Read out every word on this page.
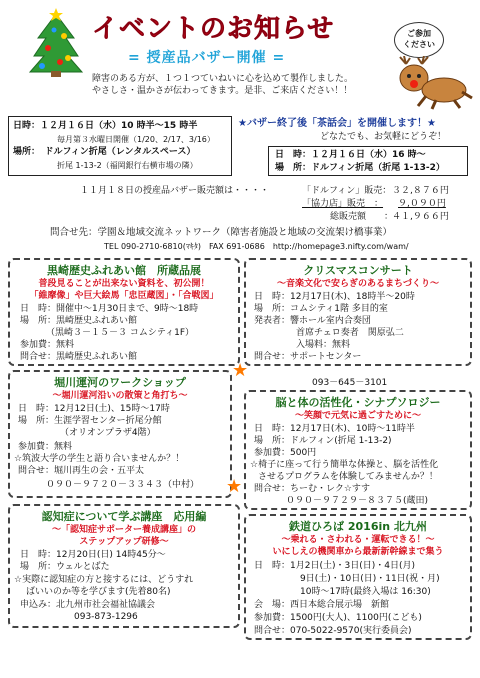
イベントのお知らせ
= 授産品バザー開催 =
ご参加
ください
障害のある方が、１つ１つていねいに心を込めて製作しました。
やさしさ・温かさが伝わってきます。是非、ご来店ください！！
日時：１２月１６日（水）10 時半～15 時半
毎月第３水曜日開催（1/20、2/17、3/16）
場所：　ドルフィン折尾（レンタルスペース）
折尾 1-13-2（福岡銀行右横市場の隣）
★バザー終了後「茶話会」を開催します！★
どなたでも、お気軽にどうぞ！
日　時：１２月１６日（水）16 時～
場　所：ドルフィン折尾（折尾 1-13-2）
１１月１８日の授産品バザー販売額は・・・・	「ドルフィン」販売： ３２,８７６円
「協力店」販売　： ９,０９０円
総販売額　　：
４１,９６６円
問合せ先：学園＆地域交流ネットワーク（障害者施設と地域の交流架け橋事業）
TEL 090-2710-6810(ﾏｷﾀ)　FAX 691-0686　http://homepage3.nifty.com/wam/
黒崎歴史ふれあい館　所蔵品展
普段見ることが出来ない資料を、初公開！
「維摩像」や巨大絵馬「忠臣蔵図」・「合戦図」
日　時：開催中～1月30日まで、9時～18時
場　所：黒崎歴史ふれあい館
（黒崎３－１５－３ コムシティ1F）
参加費：無料
問合せ：黒崎歴史ふれあい館
クリスマスコンサート
～音楽文化で安らぎのあるまちづくり～
日　時：12月17日(木)、18時半～20時
場　所：コムシティ1階 多目的室
発表者：響ホール室内合奏団
首席チェロ奏者　関原弘二
入場料：無料
問合せ：サポートセンター
093－645－3101
★
堀川運河のワークショップ
～堀川運河沿いの散策と角打ち～
日　時：12月12日(土)、15時～17時
場　所：生涯学習センター折尾分館
（オリオンプラザ4階）
参加費：無料
☆筑波大学の学生と語り合いませんか？！
問合せ：堀川再生の会・五平太
０９０－９７２０－３３４３（中村）
脳と体の活性化・シナプソロジー
～笑顔で元気に過ごすために～
日　時：12月17日(木)、10時～11時半
場　所：ドルフィン(折尾 1-13-2)
参加費：500円
☆椅子に座って行う簡単な体操と、脳を活性化
させるプログラムを体験してみませんか？！
問合せ：ちーむ・レク☆すす
０９０－９７２９－８３７５(蔵田)
★
認知症について学ぶ講座　応用編
～「認知症サポーター養成講座」の
ステップアップ研修～
日　時：12月20日(日) 14時45分～
場　所：ウェルとばた
☆実際に認知症の方と接するには、どうすれ
ばいいのか等を学びます(先着80名)
申込み：北九州市社会福祉協議会
093-873-1296
鉄道ひろば 2016in 北九州
～乗れる・さわれる・運転できる！～
いにしえの機関車から最新新幹線まで集う
日　時：1月2日(土)・3日(日)・4日(月)
9日(土)・10日(日)・11日(祝・月)
10時～17時(最終入場は 16:30)
会　場：西日本総合展示場　新館
参加費：1500円(大人)、1100円(こども)
問合せ：070-5022-9570(実行委員会)
